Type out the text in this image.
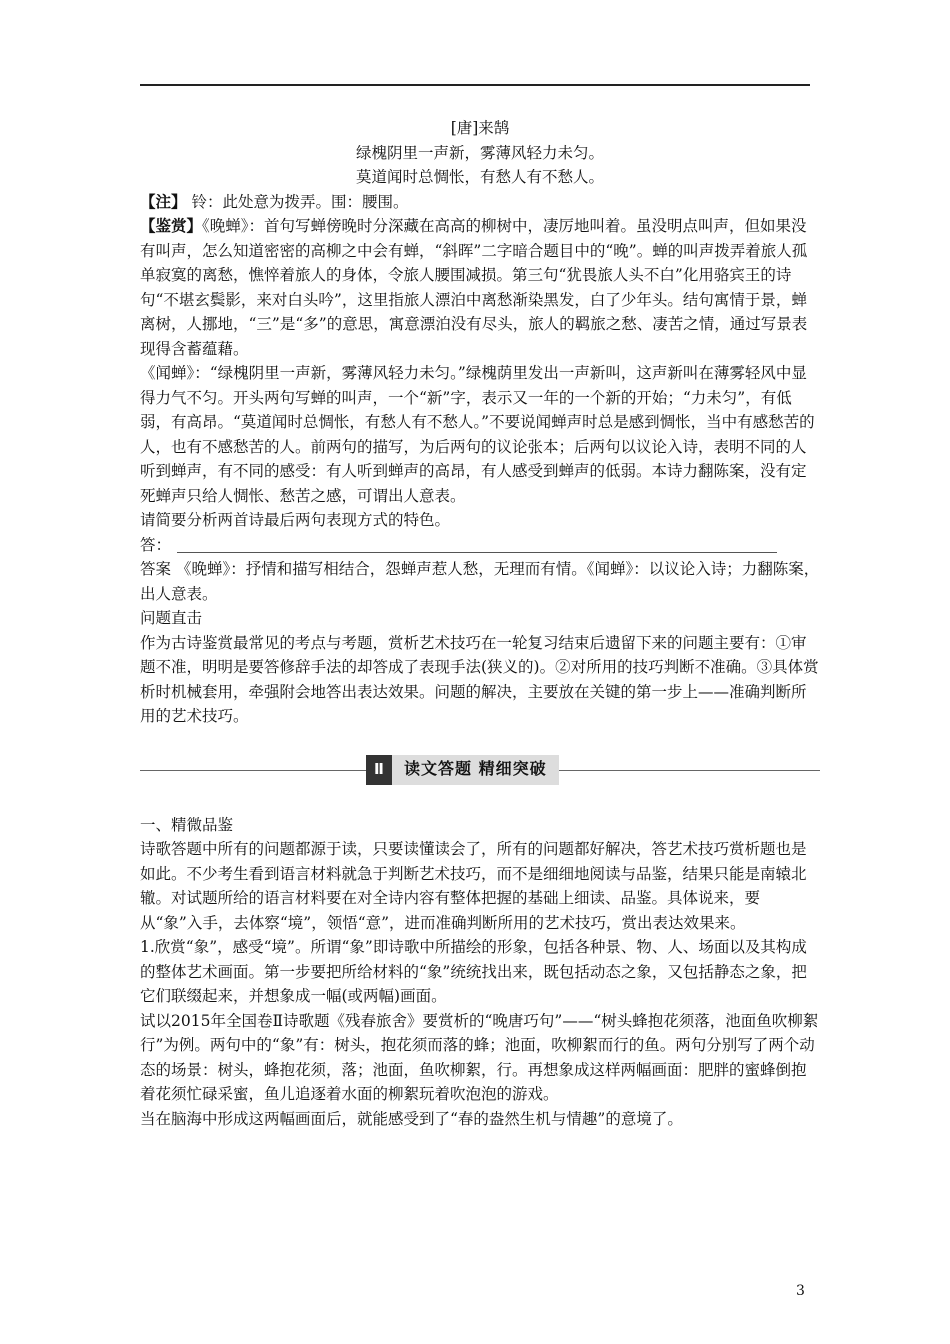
[唐]来鹄

绿槐阴里一声新，雾薄风轻力未匀。

莫道闻时总惆怅，有愁人有不愁人。

【注】 铃：此处意为拨弄。围：腰围。

【鉴赏】《晚蝉》：首句写蝉傍晚时分深藏在高高的柳树中，凄厉地叫着。虽没明点叫声，但如果没有叫声，怎么知道密密的高柳之中会有蝉，“斜晖”二字暗合题目中的“晚”。蝉的叫声拨弄着旅人孤单寂寞的离愁，憔悴着旅人的身体，令旅人腰围减损。第三句“犹畏旅人头不白”化用骆宾王的诗句“不堪玄鬓影，来对白头吟”，这里指旅人漂泊中离愁渐染黑发，白了少年头。结句寓情于景，蝉离树，人挪地，“三”是“多”的意思，寓意漂泊没有尽头，旅人的羁旅之愁、凄苦之情，通过写景表现得含蓄蕴藉。

《闻蝉》：“绿槐阴里一声新，雾薄风轻力未匀。”绿槐荫里发出一声新叫，这声新叫在薄雾轻风中显得力气不匀。开头两句写蝉的叫声，一个“新”字，表示又一年的一个新的开始；“力未匀”，有低弱，有高昂。“莫道闻时总惆怅，有愁人有不愁人。”不要说闻蝉声时总是感到惆怅，当中有感愁苦的人，也有不感愁苦的人。前两句的描写，为后两句的议论张本；后两句以议论入诗，表明不同的人听到蝉声，有不同的感受：有人听到蝉声的高昂，有人感受到蝉声的低弱。本诗力翻陈案，没有定死蝉声只给人惆怅、愁苦之感，可谓出人意表。

请简要分析两首诗最后两句表现方式的特色。

答：

答案 《晚蝉》：抒情和描写相结合，怨蝉声惹人愁，无理而有情。《闻蝉》：以议论入诗；力翻陈案，出人意表。

问题直击

作为古诗鉴赏最常见的考点与考题，赏析艺术技巧在一轮复习结束后遗留下来的问题主要有：①审题不准，明明是要答修辞手法的却答成了表现手法(狭义的)。②对所用的技巧判断不准确。③具体赏析时机械套用，牵强附会地答出表达效果。问题的解决，主要放在关键的第一步上——准确判断所用的艺术技巧。

Ⅱ	读文答题 精细突破

一、精微品鉴

诗歌答题中所有的问题都源于读，只要读懂读会了，所有的问题都好解决，答艺术技巧赏析题也是如此。不少考生看到语言材料就急于判断艺术技巧，而不是细细地阅读与品鉴，结果只能是南辕北辙。对试题所给的语言材料要在对全诗内容有整体把握的基础上细读、品鉴。具体说来，要从“象”入手，去体察“境”，领悟“意”，进而准确判断所用的艺术技巧，赏出表达效果来。

1.欣赏“象”，感受“境”。所谓“象”即诗歌中所描绘的形象，包括各种景、物、人、场面以及其构成的整体艺术画面。第一步要把所给材料的“象”统统找出来，既包括动态之象，又包括静态之象，把它们联缀起来，并想象成一幅(或两幅)画面。

试以2015年全国卷Ⅱ诗歌题《残春旅舍》要赏析的“晚唐巧句”——“树头蜂抱花须落，池面鱼吹柳絮行”为例。两句中的“象”有：树头，抱花须而落的蜂；池面，吹柳絮而行的鱼。两句分别写了两个动态的场景：树头，蜂抱花须，落；池面，鱼吹柳絮，行。再想象成这样两幅画面：肥胖的蜜蜂倒抱着花须忙碌采蜜，鱼儿追逐着水面的柳絮玩着吹泡泡的游戏。

当在脑海中形成这两幅画面后，就能感受到了“春的盎然生机与情趣”的意境了。

3
